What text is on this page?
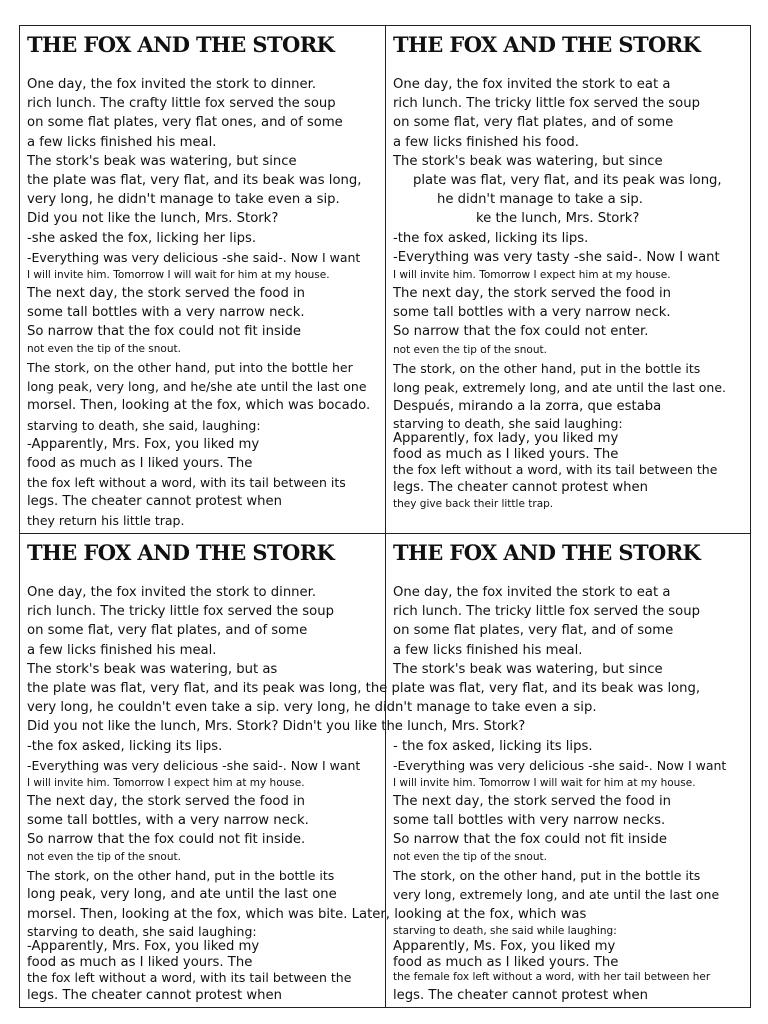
THE FOX AND THE STORK
One day, the fox invited the stork to dinner.
rich lunch. The crafty little fox served the soup
on some flat plates, very flat ones, and of some
a few licks finished his meal.
The stork's beak was watering, but since
the plate was flat, very flat, and its beak was long,
very long, he didn't manage to take even a sip.
Did you not like the lunch, Mrs. Stork?
-she asked the fox, licking her lips.
-Everything was very delicious -she said-. Now I want
I will invite him. Tomorrow I will wait for him at my house.
The next day, the stork served the food in
some tall bottles with a very narrow neck.
So narrow that the fox could not fit inside
not even the tip of the snout.
The stork, on the other hand, put into the bottle her
long peak, very long, and he/she ate until the last one
morsel. Then, looking at the fox, which was bocado.
starving to death, she said, laughing:
-Apparently, Mrs. Fox, you liked my
food as much as I liked yours. The
the fox left without a word, with its tail between its
legs. The cheater cannot protest when
they return his little trap.
THE FOX AND THE STORK
One day, the fox invited the stork to eat a
rich lunch. The tricky little fox served the soup
on some flat, very flat plates, and of some
a few licks finished his food.
The stork's beak was watering, but since
plate was flat, very flat, and its peak was long,
he didn't manage to take a sip.
ke the lunch, Mrs. Stork?
-the fox asked, licking its lips.
-Everything was very tasty -she said-. Now I want
I will invite him. Tomorrow I expect him at my house.
The next day, the stork served the food in
some tall bottles with a very narrow neck.
So narrow that the fox could not enter.
not even the tip of the snout.
The stork, on the other hand, put in the bottle its
long peak, extremely long, and ate until the last one.
Después, mirando a la zorra, que estaba
starving to death, she said laughing:
Apparently, fox lady, you liked my
food as much as I liked yours. The
the fox left without a word, with its tail between the
legs. The cheater cannot protest when
they give back their little trap.
THE FOX AND THE STORK
One day, the fox invited the stork to dinner.
rich lunch. The tricky little fox served the soup
on some flat, very flat plates, and of some
a few licks finished his meal.
The stork's beak was watering, but as
the plate was flat, very flat, and its peak was long, the plate was flat, very flat, and its beak was long,
very long, he couldn't even take a sip. very long, he didn't manage to take even a sip.
Did you not like the lunch, Mrs. Stork? Didn't you like the lunch, Mrs. Stork?
-the fox asked, licking its lips.
-Everything was very delicious -she said-. Now I want
I will invite him. Tomorrow I expect him at my house.
The next day, the stork served the food in
some tall bottles, with a very narrow neck.
So narrow that the fox could not fit inside.
not even the tip of the snout.
The stork, on the other hand, put in the bottle its
long peak, very long, and ate until the last one
morsel. Then, looking at the fox, which was bite. Later, looking at the fox, which was
starving to death, she said laughing:
-Apparently, Mrs. Fox, you liked my
food as much as I liked yours. The
the fox left without a word, with its tail between the
legs. The cheater cannot protest when
THE FOX AND THE STORK
One day, the fox invited the stork to eat a
rich lunch. The tricky little fox served the soup
on some flat plates, very flat, and of some
a few licks finished his meal.
The stork's beak was watering, but since

- the fox asked, licking its lips.
-Everything was very delicious -she said-. Now I want
I will invite him. Tomorrow I will wait for him at my house.
The next day, the stork served the food in
some tall bottles with very narrow necks.
So narrow that the fox could not fit inside
not even the tip of the snout.
The stork, on the other hand, put in the bottle its
very long, extremely long, and ate until the last one

starving to death, she said while laughing:
Apparently, Ms. Fox, you liked my
food as much as I liked yours. The
the female fox left without a word, with her tail between her
legs. The cheater cannot protest when
